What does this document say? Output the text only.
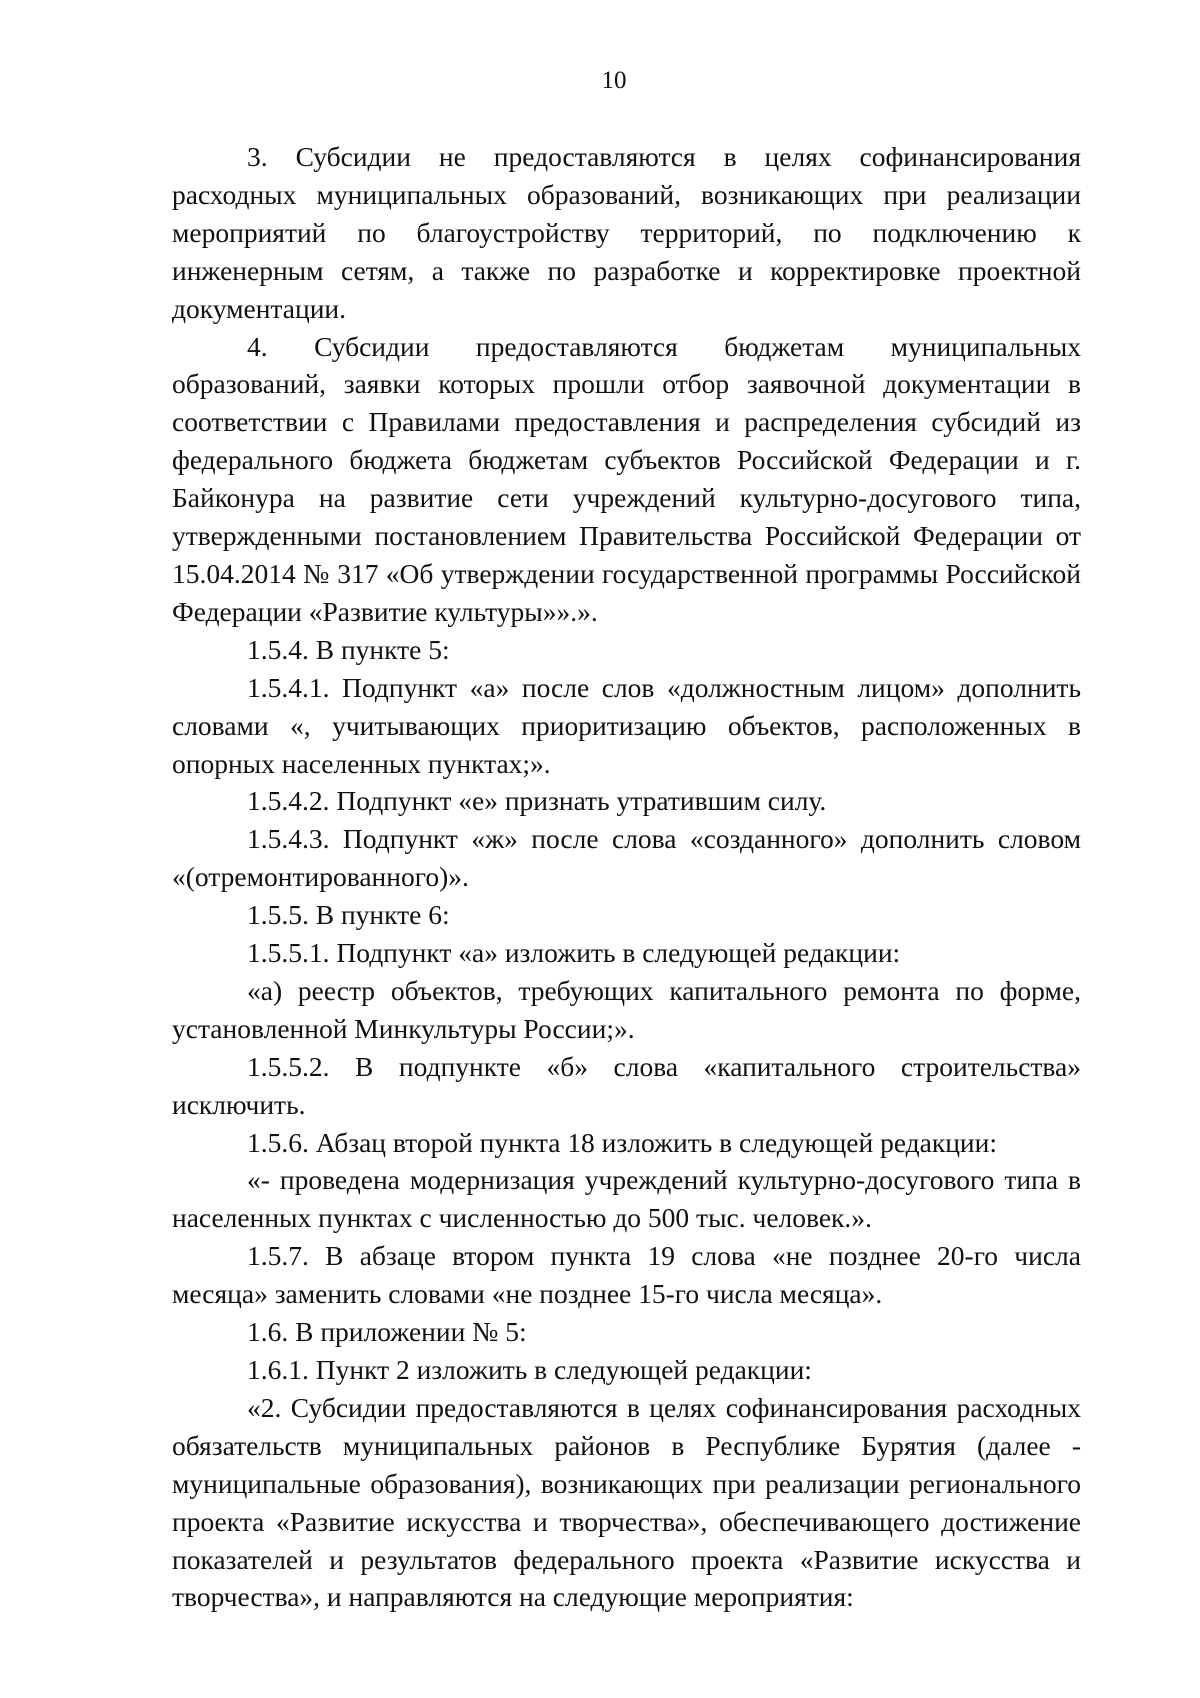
10

3. Субсидии не предоставляются в целях софинансирования расходных муниципальных образований, возникающих при реализации мероприятий по благоустройству территорий, по подключению к инженерным сетям, а также по разработке и корректировке проектной документации.

4. Субсидии предоставляются бюджетам муниципальных образований, заявки которых прошли отбор заявочной документации в соответствии с Правилами предоставления и распределения субсидий из федерального бюджета бюджетам субъектов Российской Федерации и г. Байконура на развитие сети учреждений культурно-досугового типа, утвержденными постановлением Правительства Российской Федерации от 15.04.2014 № 317 «Об утверждении государственной программы Российской Федерации «Развитие культуры»».».

1.5.4. В пункте 5:

1.5.4.1. Подпункт «а» после слов «должностным лицом» дополнить словами «, учитывающих приоритизацию объектов, расположенных в опорных населенных пунктах;».

1.5.4.2. Подпункт «е» признать утратившим силу.

1.5.4.3. Подпункт «ж» после слова «созданного» дополнить словом «(отремонтированного)».

1.5.5. В пункте 6:

1.5.5.1. Подпункт «а» изложить в следующей редакции:

«а) реестр объектов, требующих капитального ремонта по форме, установленной Минкультуры России;».

1.5.5.2. В подпункте «б» слова «капитального строительства» исключить.

1.5.6. Абзац второй пункта 18 изложить в следующей редакции:

«- проведена модернизация учреждений культурно-досугового типа в населенных пунктах с численностью до 500 тыс. человек.».

1.5.7. В абзаце втором пункта 19 слова «не позднее 20-го числа месяца» заменить словами «не позднее 15-го числа месяца».

1.6. В приложении № 5:

1.6.1. Пункт 2 изложить в следующей редакции:

«2. Субсидии предоставляются в целях софинансирования расходных обязательств муниципальных районов в Республике Бурятия (далее - муниципальные образования), возникающих при реализации регионального проекта «Развитие искусства и творчества», обеспечивающего достижение показателей и результатов федерального проекта «Развитие искусства и творчества», и направляются на следующие мероприятия:
